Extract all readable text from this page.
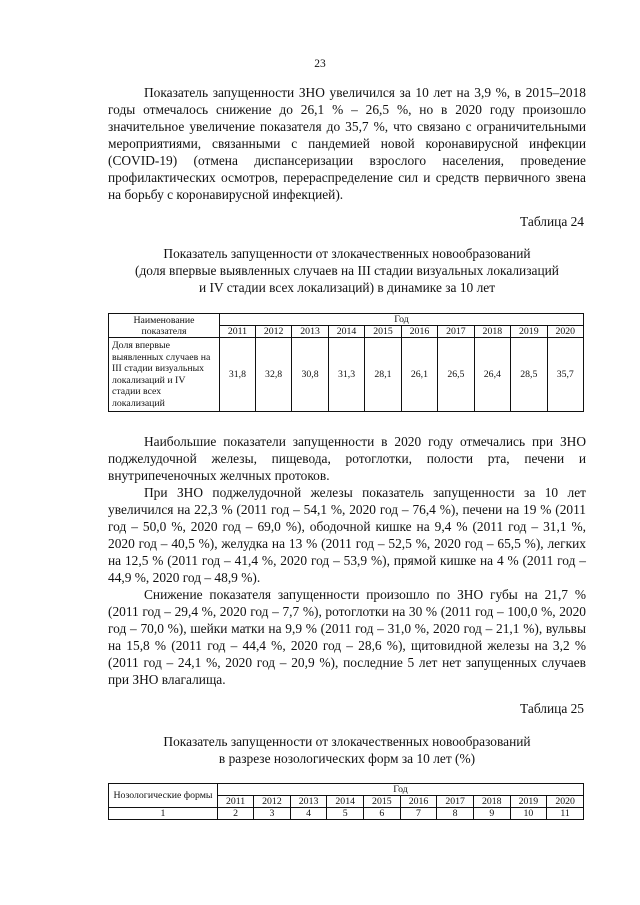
23

Показатель запущенности ЗНО увеличился за 10 лет на 3,9 %, в 2015–2018 годы отмечалось снижение до 26,1 % – 26,5 %, но в 2020 году произошло значительное увеличение показателя до 35,7 %, что связано с ограничительными мероприятиями, связанными с пандемией новой коронавирусной инфекции (COVID-19) (отмена диспансеризации взрослого населения, проведение профилактических осмотров, перераспределение сил и средств первичного звена на борьбу с коронавирусной инфекцией).

Таблица 24
Показатель запущенности от злокачественных новообразований
(доля впервые выявленных случаев на III стадии визуальных локализаций
и IV стадии всех локализаций) в динамике за 10 лет
Наименование показателя	Год									
	2011	2012	2013	2014	2015	2016	2017	2018	2019	2020
Доля впервые выявленных случаев на III стадии визуальных локализаций и IV стадии всех локализаций	31,8	32,8	30,8	31,3	28,1	26,1	26,5	26,4	28,5	35,7

Наибольшие показатели запущенности в 2020 году отмечались при ЗНО поджелудочной железы, пищевода, ротоглотки, полости рта, печени и внутрипеченочных желчных протоков.

При ЗНО поджелудочной железы показатель запущенности за 10 лет увеличился на 22,3 % (2011 год – 54,1 %, 2020 год – 76,4 %), печени на 19 % (2011 год – 50,0 %, 2020 год – 69,0 %), ободочной кишке на 9,4 % (2011 год – 31,1 %, 2020 год – 40,5 %), желудка на 13 % (2011 год – 52,5 %, 2020 год – 65,5 %), легких на 12,5 % (2011 год – 41,4 %, 2020 год – 53,9 %), прямой кишке на 4 % (2011 год – 44,9 %, 2020 год – 48,9 %).

Снижение показателя запущенности произошло по ЗНО губы на 21,7 % (2011 год – 29,4 %, 2020 год – 7,7 %), ротоглотки на 30 % (2011 год – 100,0 %, 2020 год – 70,0 %), шейки матки на 9,9 % (2011 год – 31,0 %, 2020 год – 21,1 %), вульвы на 15,8 % (2011 год – 44,4 %, 2020 год – 28,6 %), щитовидной железы на 3,2 % (2011 год – 24,1 %, 2020 год – 20,9 %), последние 5 лет нет запущенных случаев при ЗНО влагалища.

Таблица 25
Показатель запущенности от злокачественных новообразований
в разрезе нозологических форм за 10 лет (%)
Нозологические формы	Год									
	2011	2012	2013	2014	2015	2016	2017	2018	2019	2020
1	2	3	4	5	6	7	8	9	10	11
